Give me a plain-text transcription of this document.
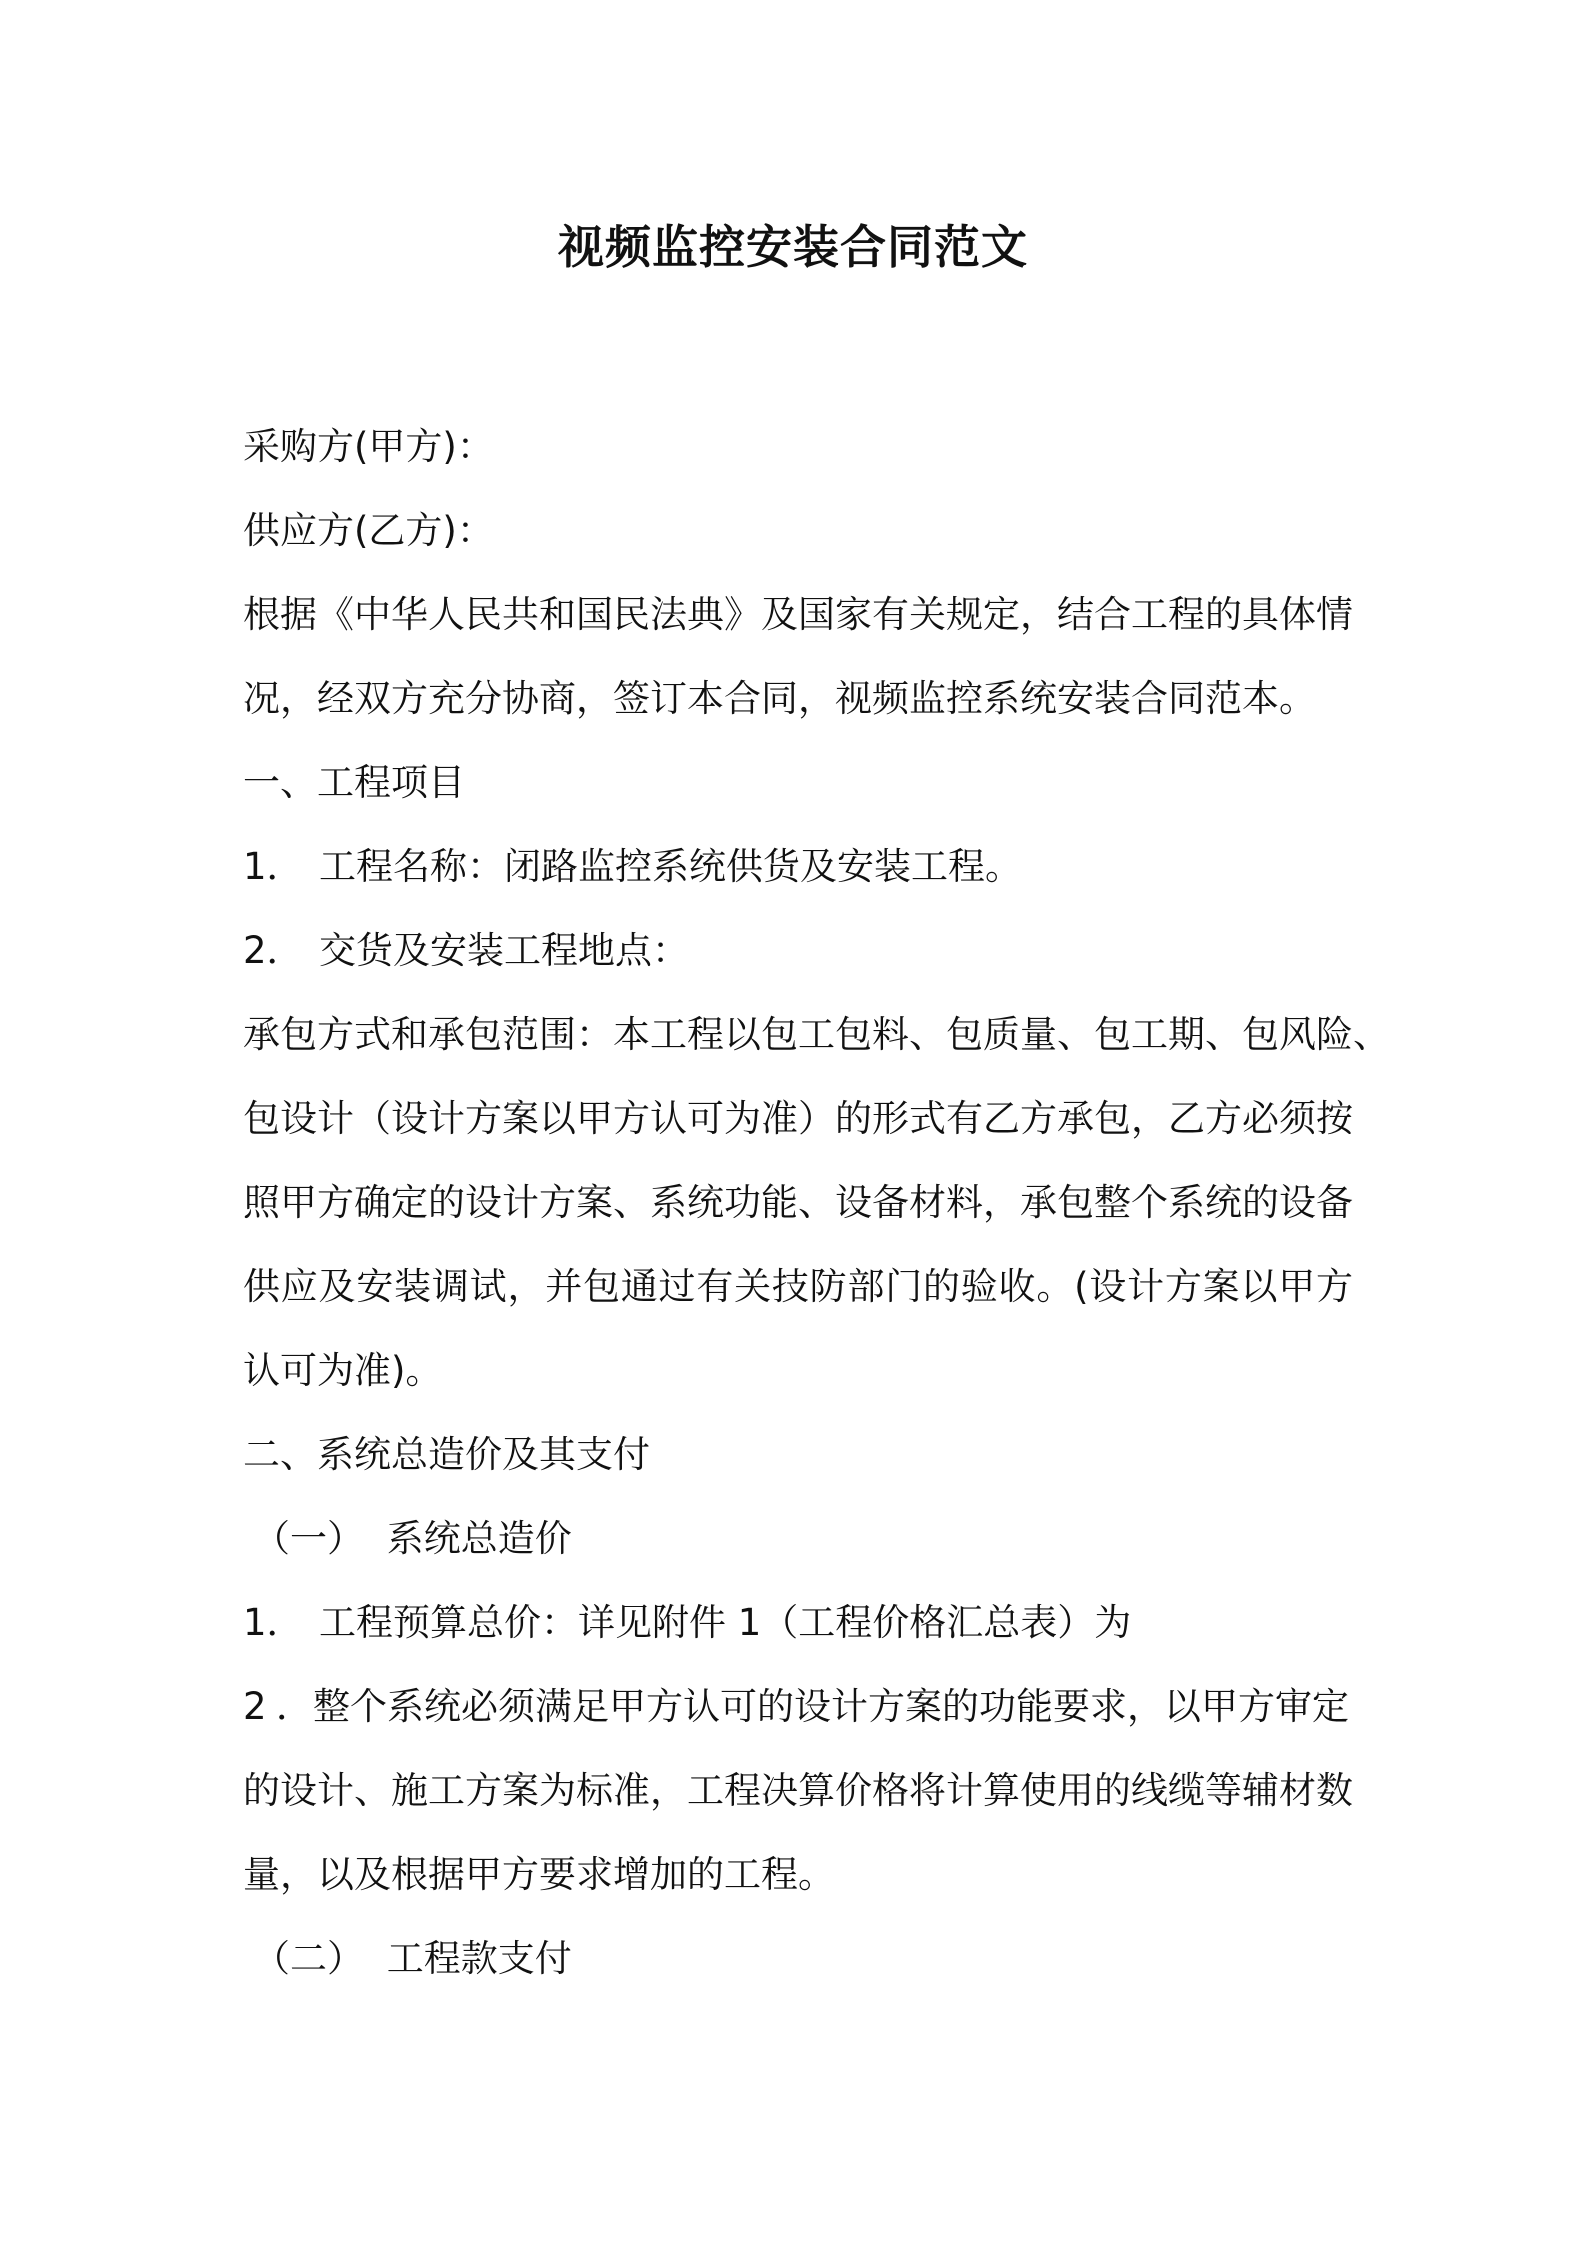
视频监控安装合同范文
采购方(甲方)：
供应方(乙方)：
根据《中华人民共和国民法典》及国家有关规定，结合工程的具体情
况，经双方充分协商，签订本合同，视频监控系统安装合同范本。
一、工程项目
1． 工程名称：闭路监控系统供货及安装工程。
2． 交货及安装工程地点：
承包方式和承包范围：本工程以包工包料、包质量、包工期、包风险、
包设计（设计方案以甲方认可为准）的形式有乙方承包，乙方必须按
照甲方确定的设计方案、系统功能、设备材料，承包整个系统的设备
供应及安装调试，并包通过有关技防部门的验收。(设计方案以甲方
认可为准)。
二、系统总造价及其支付
（一） 系统总造价
1． 工程预算总价：详见附件 1（工程价格汇总表）为
2． 整个系统必须满足甲方认可的设计方案的功能要求，以甲方审定
的设计、施工方案为标准，工程决算价格将计算使用的线缆等辅材数
量，以及根据甲方要求增加的工程。
（二） 工程款支付
